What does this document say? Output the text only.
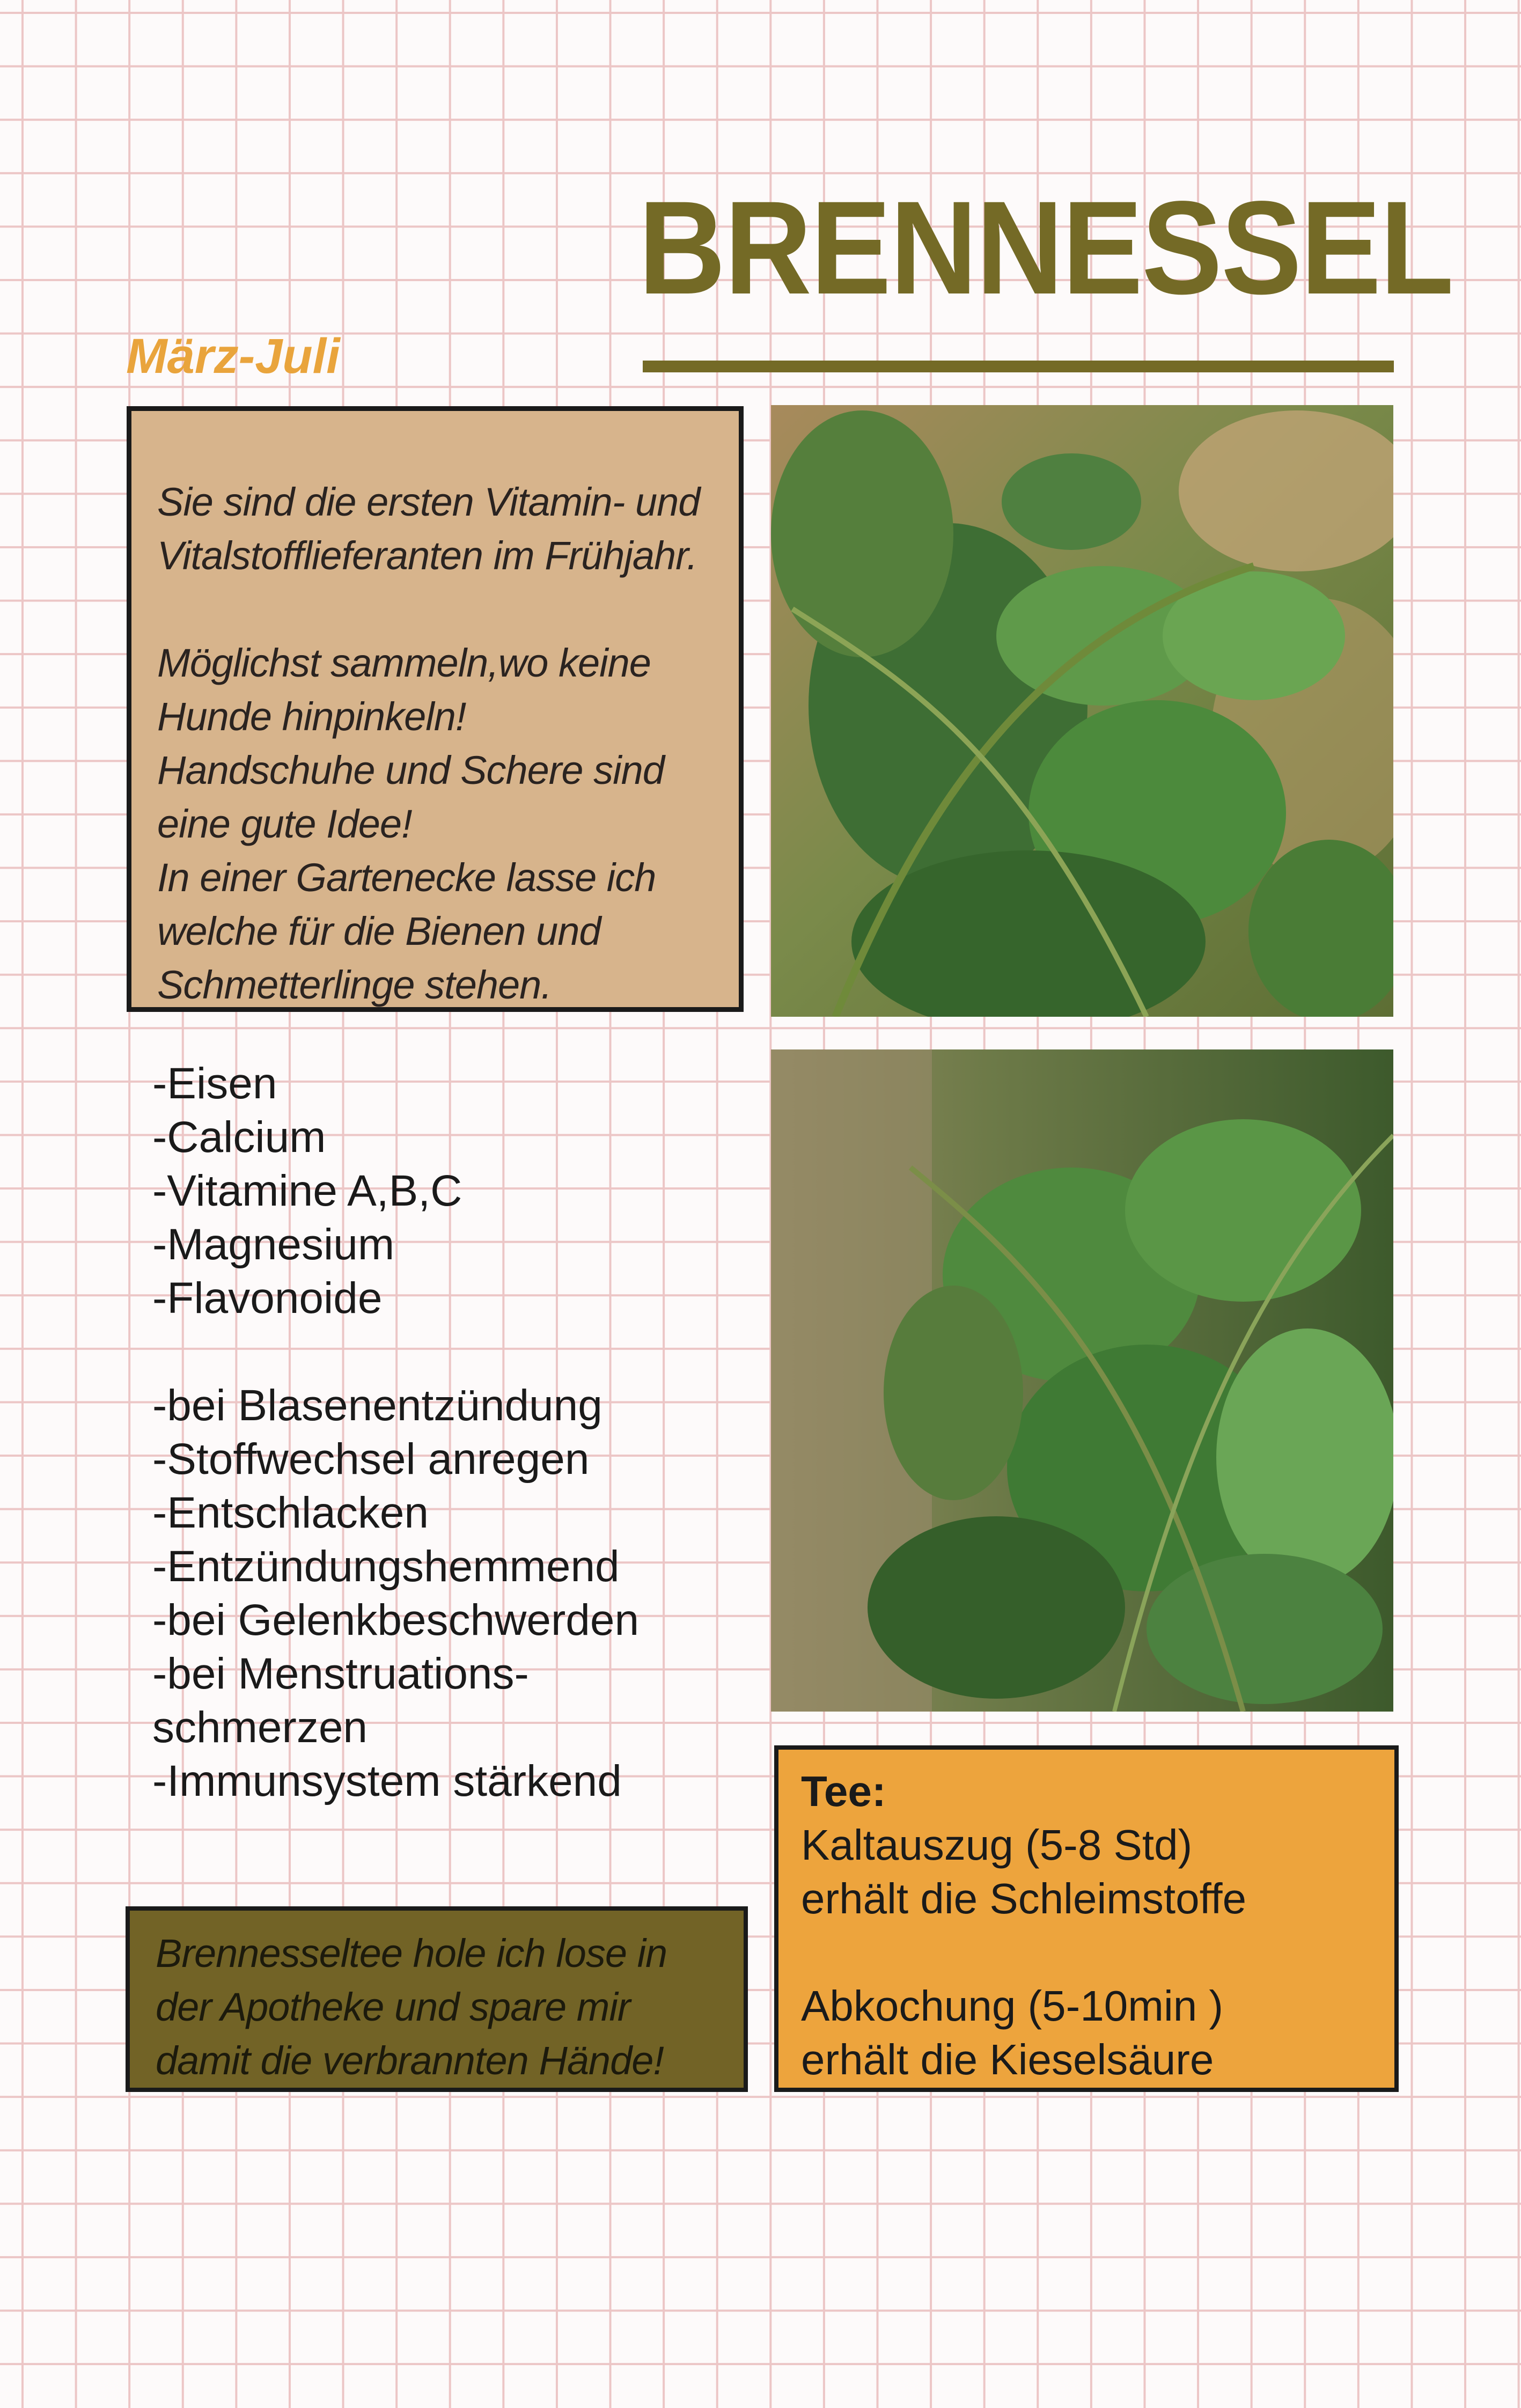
BRENNESSEL
März-Juli

Sie sind die ersten Vitamin- und
Vitalstofflieferanten im Frühjahr.

Möglichst sammeln,wo keine
Hunde hinpinkeln!
Handschuhe und Schere sind
eine gute Idee!
In einer Gartenecke lasse ich
welche für die Bienen und
Schmetterlinge stehen.

-Eisen
-Calcium
-Vitamine A,B,C
-Magnesium
-Flavonoide
-bei Blasenentzündung
-Stoffwechsel anregen
-Entschlacken
-Entzündungshemmend
-bei Gelenkbeschwerden
-bei Menstruations-
schmerzen
-Immunsystem stärkend

Brennesseltee hole ich lose in
der Apotheke und spare mir
damit die verbrannten Hände!

Tee:
Kaltauszug (5-8 Std)
erhält die Schleimstoffe
Abkochung (5-10min )
erhält die Kieselsäure
